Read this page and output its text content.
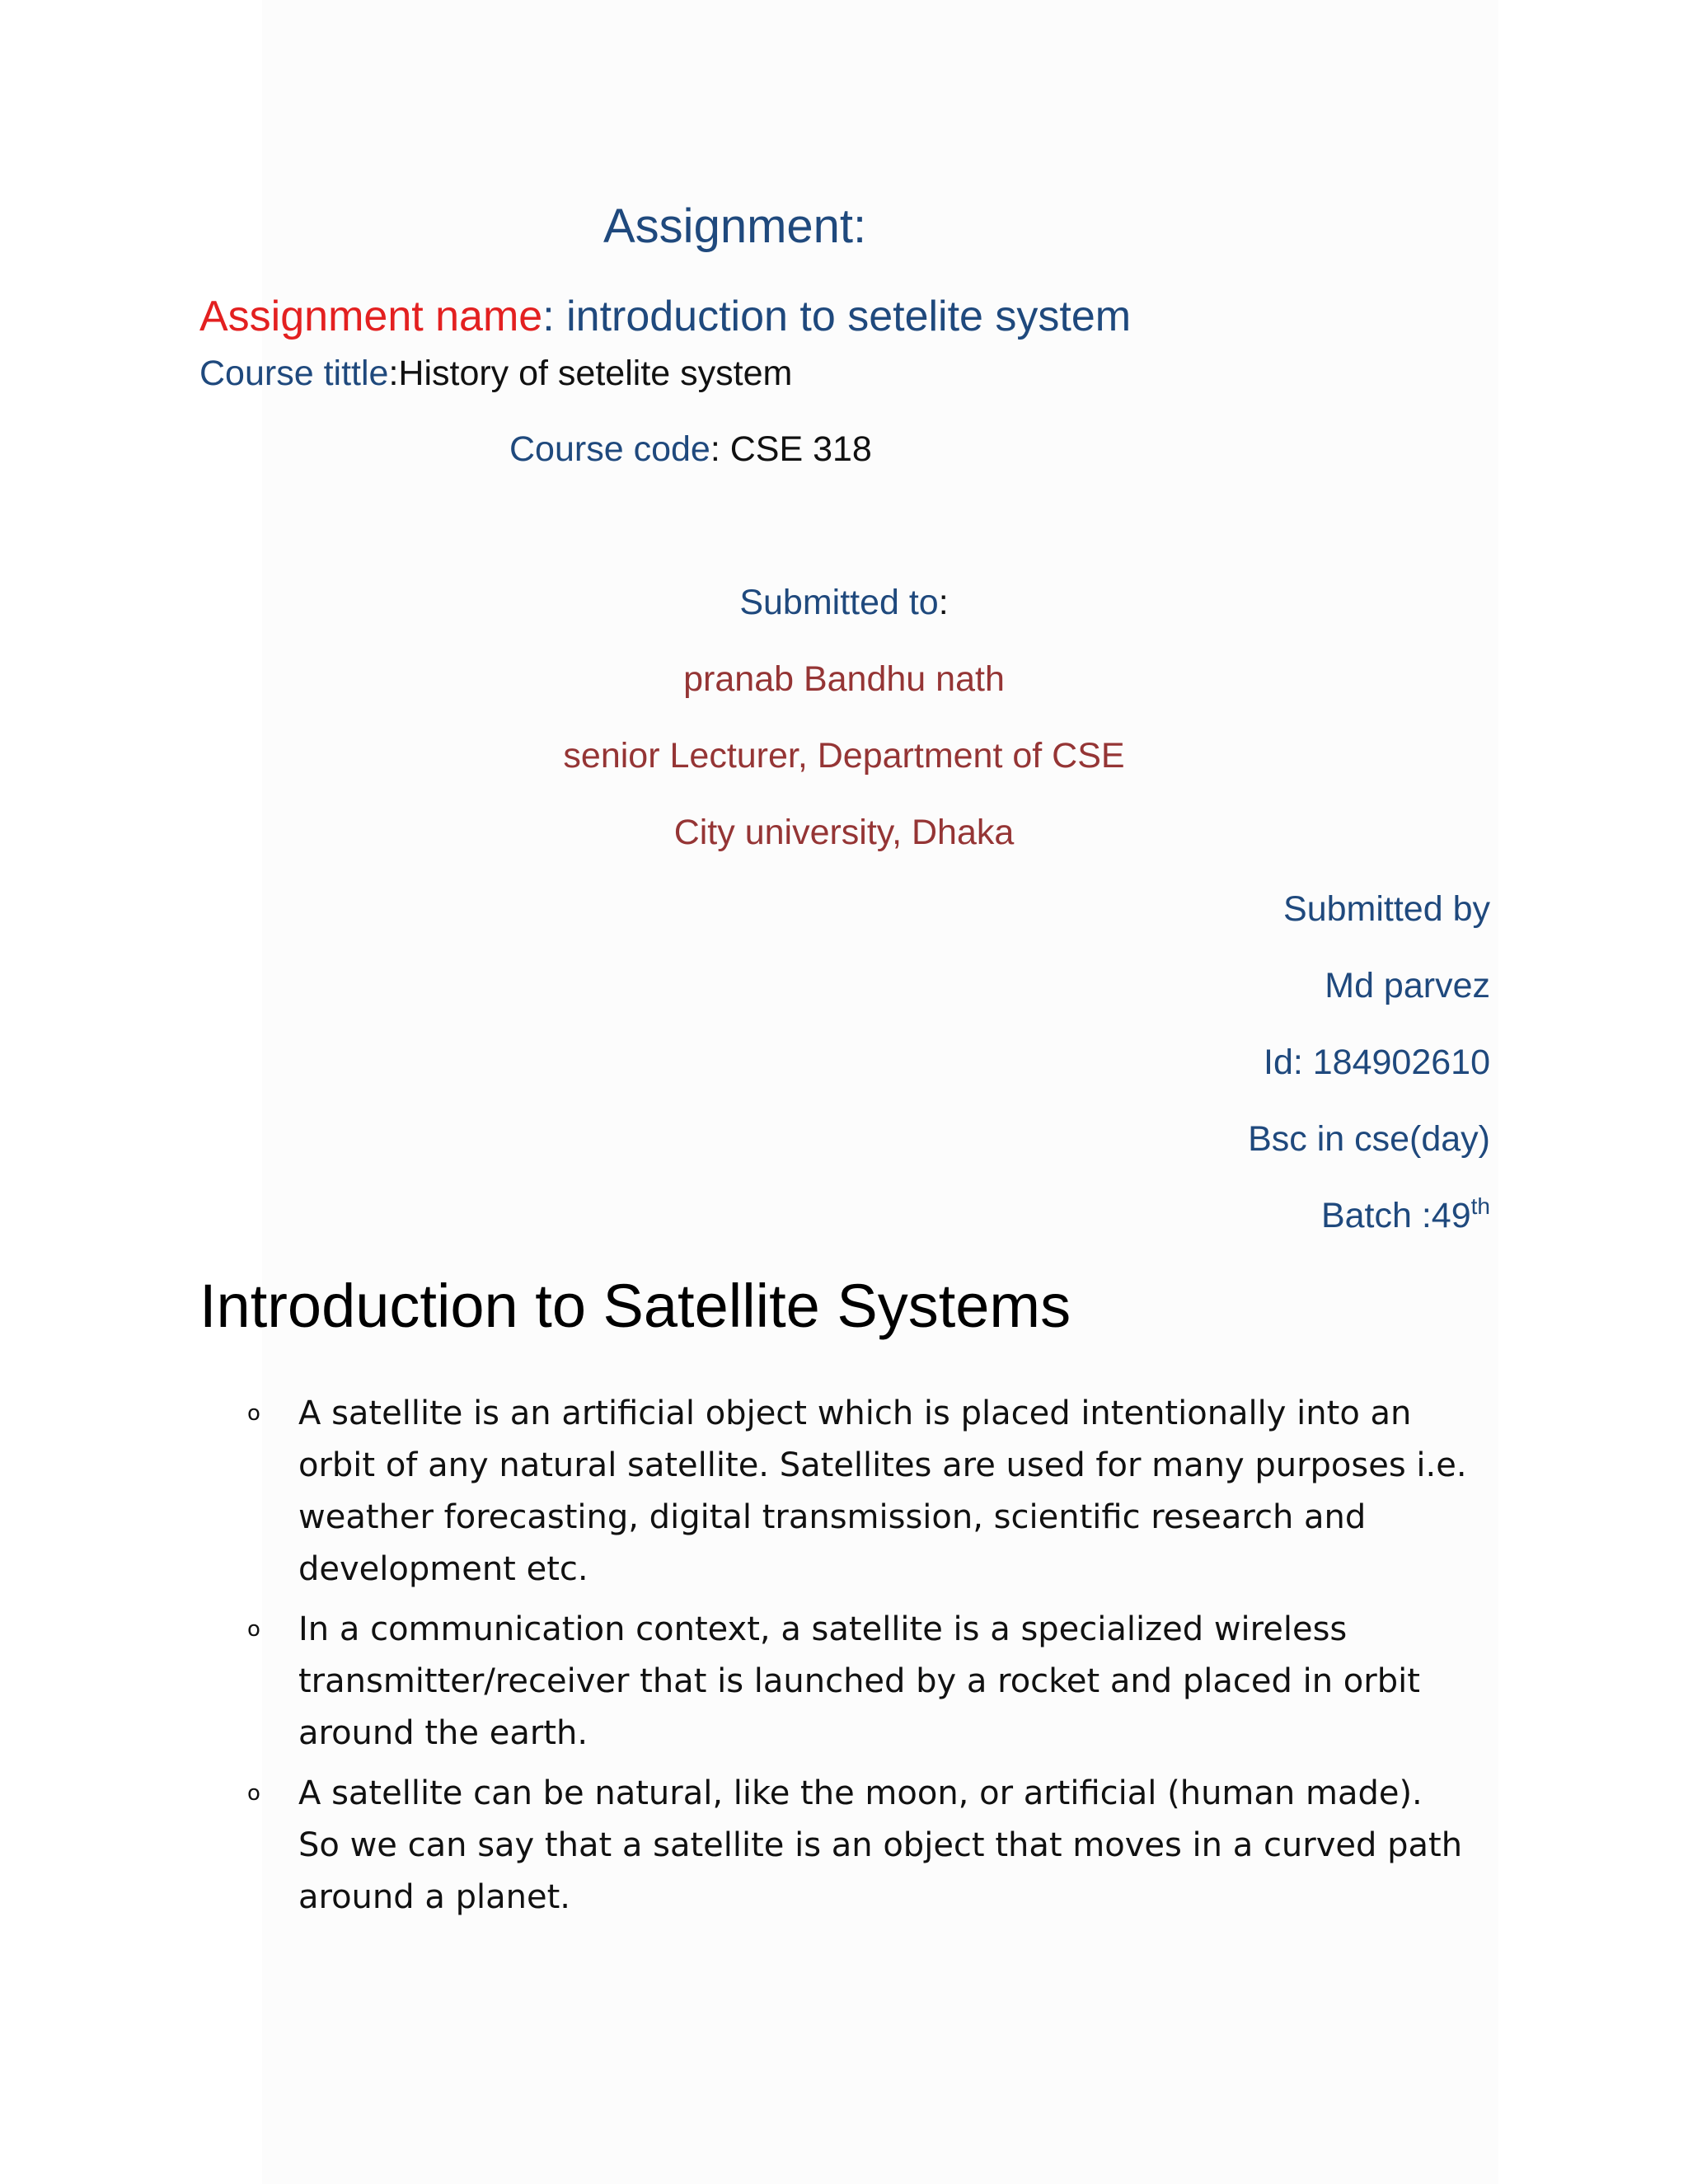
Assignment:
Assignment name: introduction to setelite system
Course tittle:History of setelite system
Course code: CSE 318
Submitted to:
pranab Bandhu nath
senior Lecturer, Department of CSE
City university, Dhaka
Submitted by
Md parvez
Id: 184902610
Bsc in cse(day)
Batch :49th
Introduction to Satellite Systems
o A satellite is an artificial object which is placed intentionally into an
orbit of any natural satellite. Satellites are used for many purposes i.e.
weather forecasting, digital transmission, scientific research and
development etc.
o In a communication context, a satellite is a specialized wireless
transmitter/receiver that is launched by a rocket and placed in orbit
around the earth.
o A satellite can be natural, like the moon, or artificial (human made).
So we can say that a satellite is an object that moves in a curved path
around a planet.
